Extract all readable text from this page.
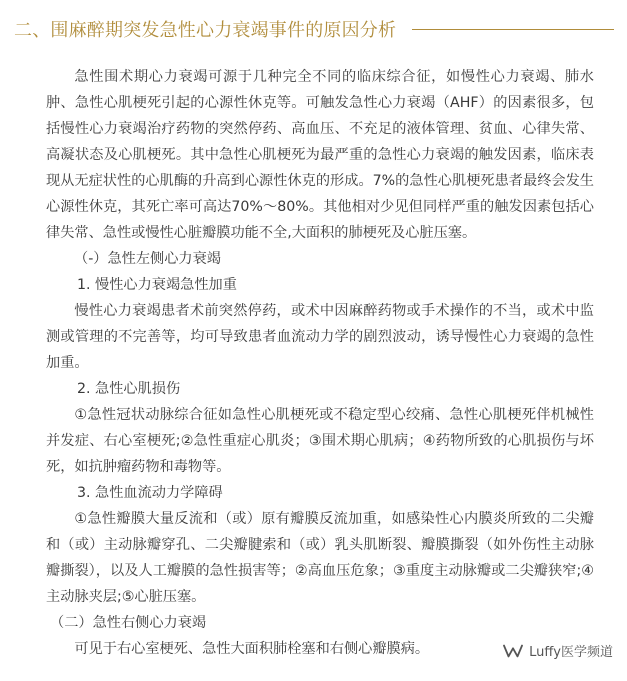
二、围麻醉期突发急性心力衰竭事件的原因分析

急性围术期心力衰竭可源于几种完全不同的临床综合征，如慢性心力衰竭、肺水肿、急性心肌梗死引起的心源性休克等。可触发急性心力衰竭（AHF）的因素很多，包括慢性心力衰竭治疗药物的突然停药、高血压、不充足的液体管理、贫血、心律失常、高凝状态及心肌梗死。其中急性心肌梗死为最严重的急性心力衰竭的触发因素，临床表现从无症状性的心肌酶的升高到心源性休克的形成。7%的急性心肌梗死患者最终会发生心源性休克，其死亡率可高达70%～80%。其他相对少见但同样严重的触发因素包括心律失常、急性或慢性心脏瓣膜功能不全,大面积的肺梗死及心脏压塞。

（-）急性左侧心力衰竭

1. 慢性心力衰竭急性加重

慢性心力衰竭患者术前突然停药，或术中因麻醉药物或手术操作的不当，或术中监测或管理的不完善等，均可导致患者血流动力学的剧烈波动，诱导慢性心力衰竭的急性加重。

2. 急性心肌损伤

①急性冠状动脉综合征如急性心肌梗死或不稳定型心绞痛、急性心肌梗死伴机械性并发症、右心室梗死;②急性重症心肌炎；③围术期心肌病；④药物所致的心肌损伤与坏死，如抗肿瘤药物和毒物等。

3. 急性血流动力学障碍

①急性瓣膜大量反流和（或）原有瓣膜反流加重，如感染性心内膜炎所致的二尖瓣和（或）主动脉瓣穿孔、二尖瓣腱索和（或）乳头肌断裂、瓣膜撕裂（如外伤性主动脉瓣撕裂），以及人工瓣膜的急性损害等；②高血压危象；③重度主动脉瓣或二尖瓣狭窄;④主动脉夹层;⑤心脏压塞。

（二）急性右侧心力衰竭

可见于右心室梗死、急性大面积肺栓塞和右侧心瓣膜病。	Luffy医学频道
